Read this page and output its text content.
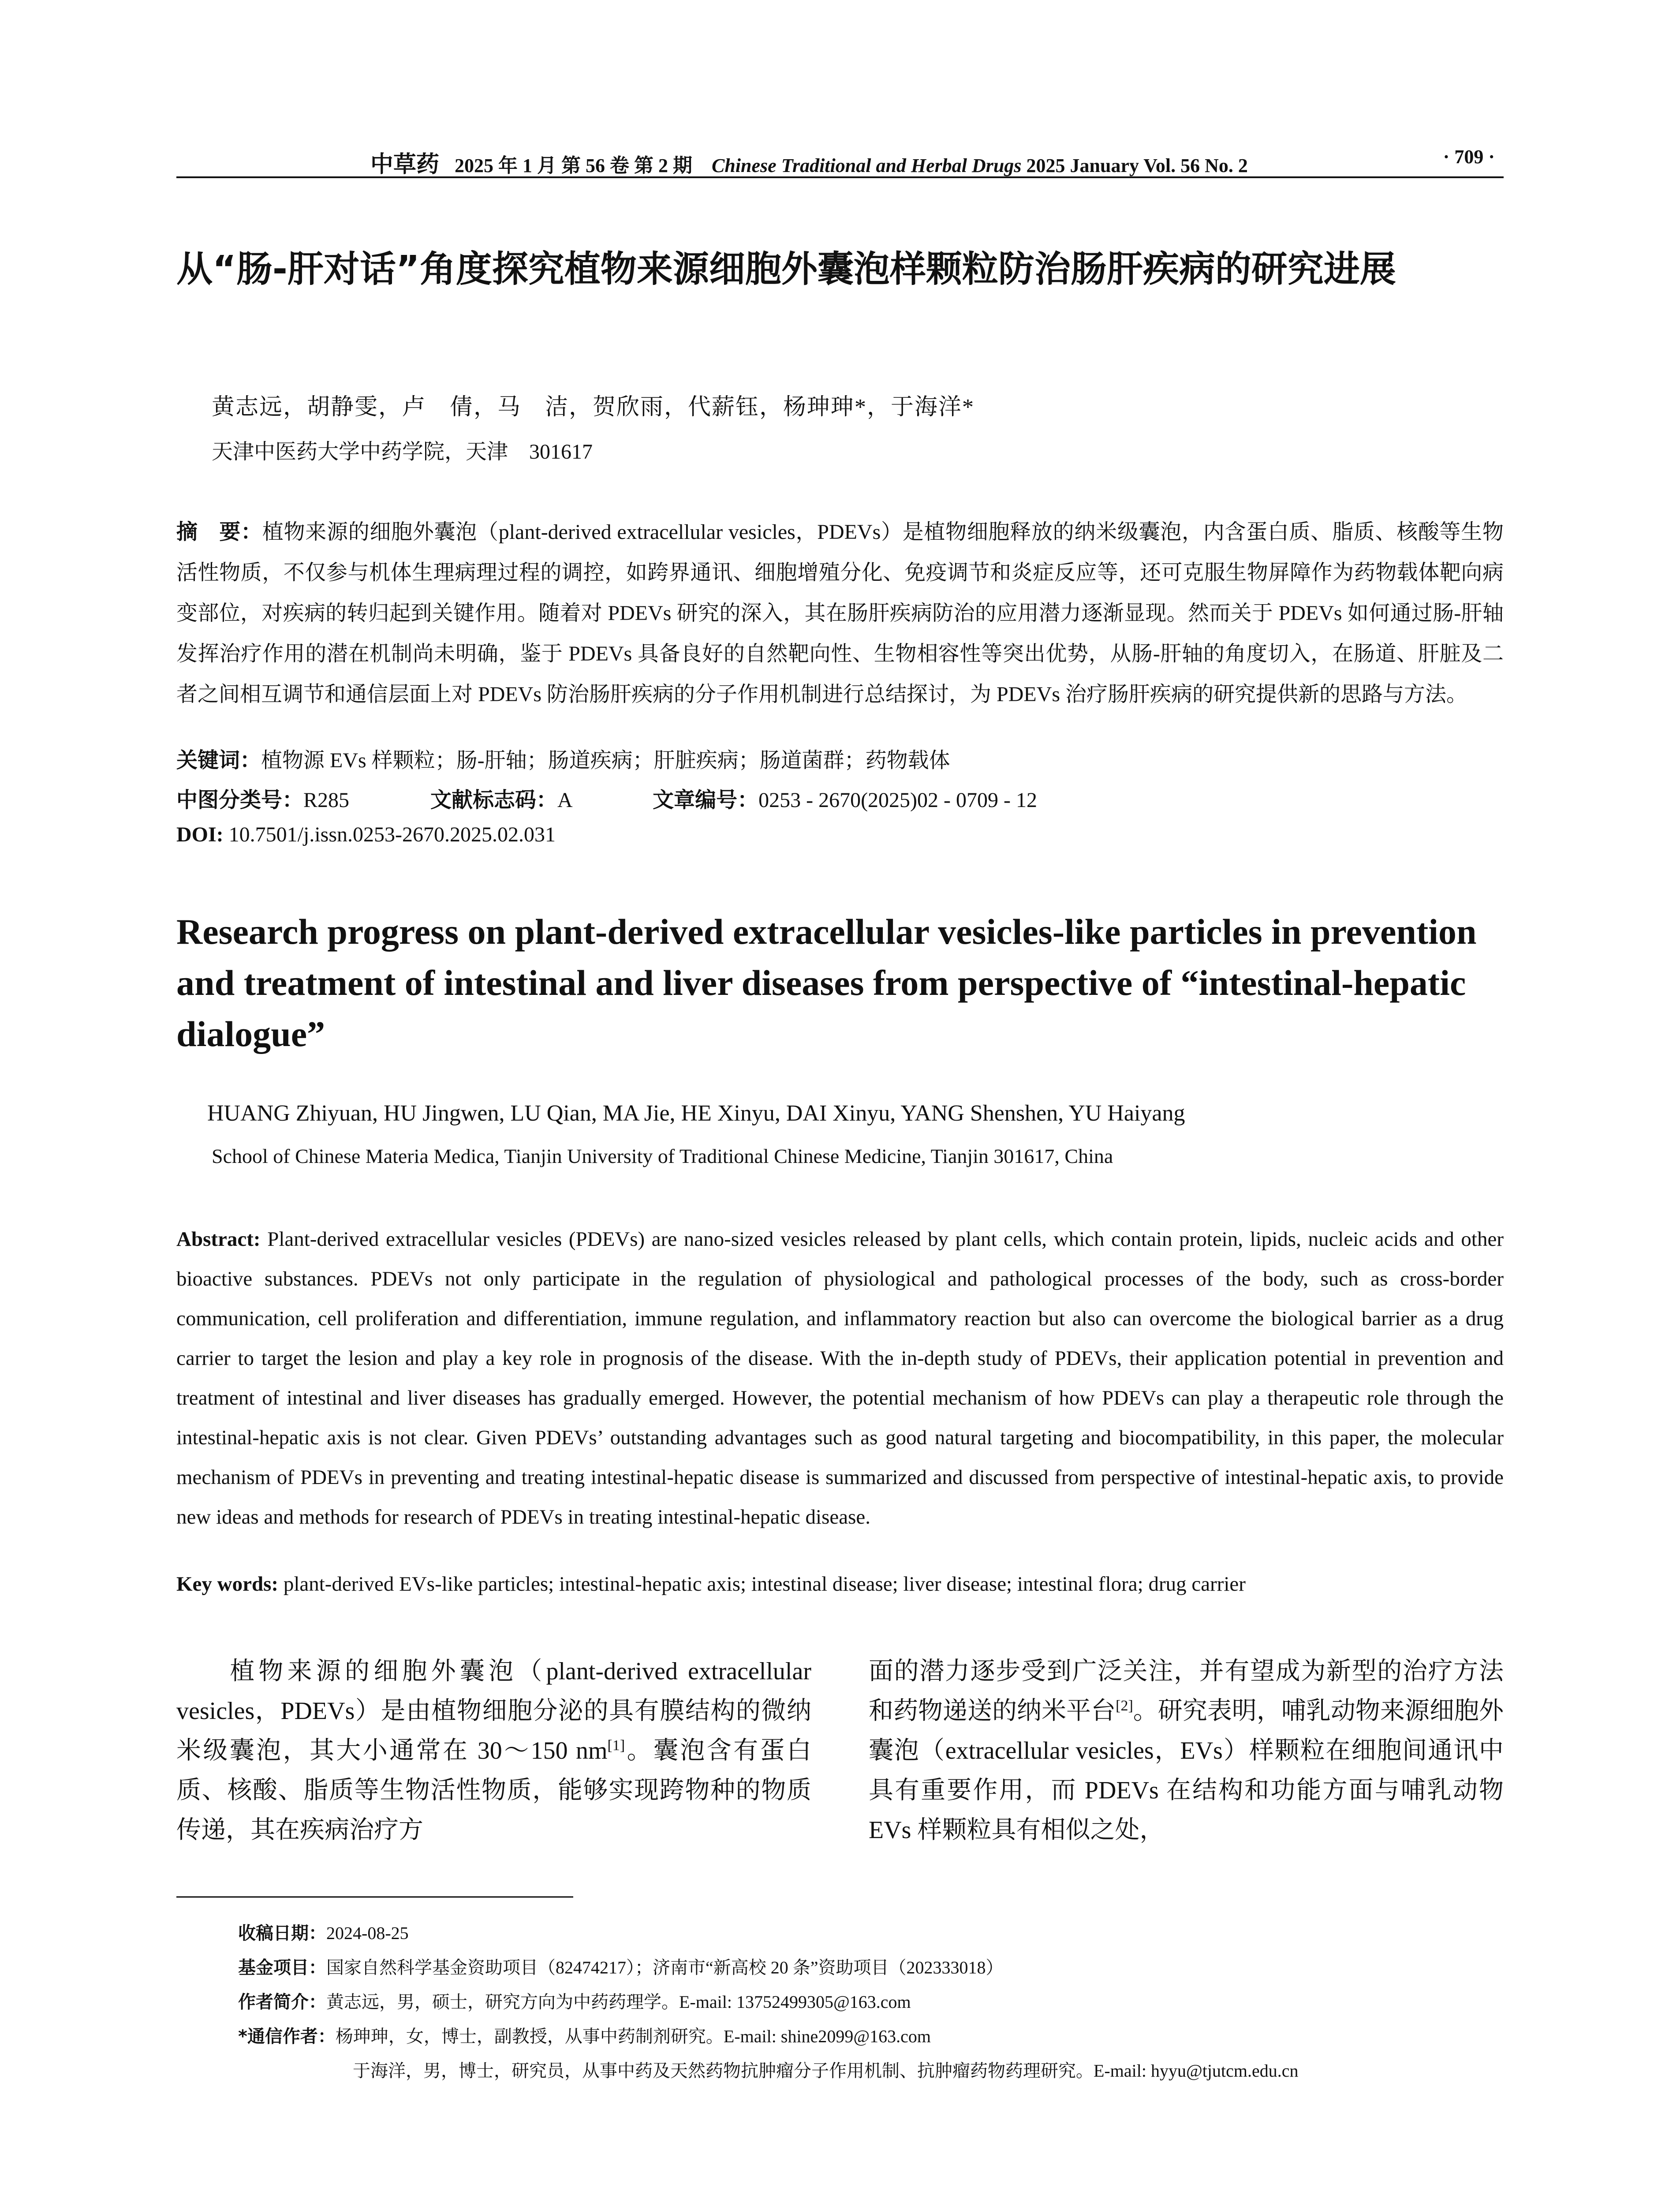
中草药 2025 年 1 月 第 56 卷 第 2 期 Chinese Traditional and Herbal Drugs 2025 January Vol. 56 No. 2	· 709 ·
从“肠-肝对话”角度探究植物来源细胞外囊泡样颗粒防治肠肝疾病的研究进展
黄志远，胡静雯，卢　倩，马　洁，贺欣雨，代薪钰，杨珅珅*，于海洋*
天津中医药大学中药学院，天津　301617
摘　要：植物来源的细胞外囊泡（plant-derived extracellular vesicles，PDEVs）是植物细胞释放的纳米级囊泡，内含蛋白质、脂质、核酸等生物活性物质，不仅参与机体生理病理过程的调控，如跨界通讯、细胞增殖分化、免疫调节和炎症反应等，还可克服生物屏障作为药物载体靶向病变部位，对疾病的转归起到关键作用。随着对 PDEVs 研究的深入，其在肠肝疾病防治的应用潜力逐渐显现。然而关于 PDEVs 如何通过肠-肝轴发挥治疗作用的潜在机制尚未明确，鉴于 PDEVs 具备良好的自然靶向性、生物相容性等突出优势，从肠-肝轴的角度切入，在肠道、肝脏及二者之间相互调节和通信层面上对 PDEVs 防治肠肝疾病的分子作用机制进行总结探讨，为 PDEVs 治疗肠肝疾病的研究提供新的思路与方法。
关键词：植物源 EVs 样颗粒；肠-肝轴；肠道疾病；肝脏疾病；肠道菌群；药物载体
中图分类号：R285	文献标志码：A	文章编号：0253 - 2670(2025)02 - 0709 - 12
DOI: 10.7501/j.issn.0253-2670.2025.02.031
Research progress on plant-derived extracellular vesicles-like particles in prevention and treatment of intestinal and liver diseases from perspective of “intestinal-hepatic dialogue”
HUANG Zhiyuan, HU Jingwen, LU Qian, MA Jie, HE Xinyu, DAI Xinyu, YANG Shenshen, YU Haiyang
School of Chinese Materia Medica, Tianjin University of Traditional Chinese Medicine, Tianjin 301617, China
Abstract: Plant-derived extracellular vesicles (PDEVs) are nano-sized vesicles released by plant cells, which contain protein, lipids, nucleic acids and other bioactive substances. PDEVs not only participate in the regulation of physiological and pathological processes of the body, such as cross-border communication, cell proliferation and differentiation, immune regulation, and inflammatory reaction but also can overcome the biological barrier as a drug carrier to target the lesion and play a key role in prognosis of the disease. With the in-depth study of PDEVs, their application potential in prevention and treatment of intestinal and liver diseases has gradually emerged. However, the potential mechanism of how PDEVs can play a therapeutic role through the intestinal-hepatic axis is not clear. Given PDEVs’ outstanding advantages such as good natural targeting and biocompatibility, in this paper, the molecular mechanism of PDEVs in preventing and treating intestinal-hepatic disease is summarized and discussed from perspective of intestinal-hepatic axis, to provide new ideas and methods for research of PDEVs in treating intestinal-hepatic disease.
Key words: plant-derived EVs-like particles; intestinal-hepatic axis; intestinal disease; liver disease; intestinal flora; drug carrier
植物来源的细胞外囊泡（plant-derived extracellular vesicles，PDEVs）是由植物细胞分泌的具有膜结构的微纳米级囊泡，其大小通常在 30～150 nm[1]。囊泡含有蛋白质、核酸、脂质等生物活性物质，能够实现跨物种的物质传递，其在疾病治疗方
面的潜力逐步受到广泛关注，并有望成为新型的治疗方法和药物递送的纳米平台[2]。研究表明，哺乳动物来源细胞外囊泡（extracellular vesicles，EVs）样颗粒在细胞间通讯中具有重要作用，而 PDEVs 在结构和功能方面与哺乳动物 EVs 样颗粒具有相似之处，
收稿日期：2024-08-25
基金项目：国家自然科学基金资助项目（82474217）；济南市“新高校 20 条”资助项目（202333018）
作者简介：黄志远，男，硕士，研究方向为中药药理学。E-mail: 13752499305@163.com
*通信作者：杨珅珅，女，博士，副教授，从事中药制剂研究。E-mail: shine2099@163.com
于海洋，男，博士，研究员，从事中药及天然药物抗肿瘤分子作用机制、抗肿瘤药物药理研究。E-mail: hyyu@tjutcm.edu.cn
